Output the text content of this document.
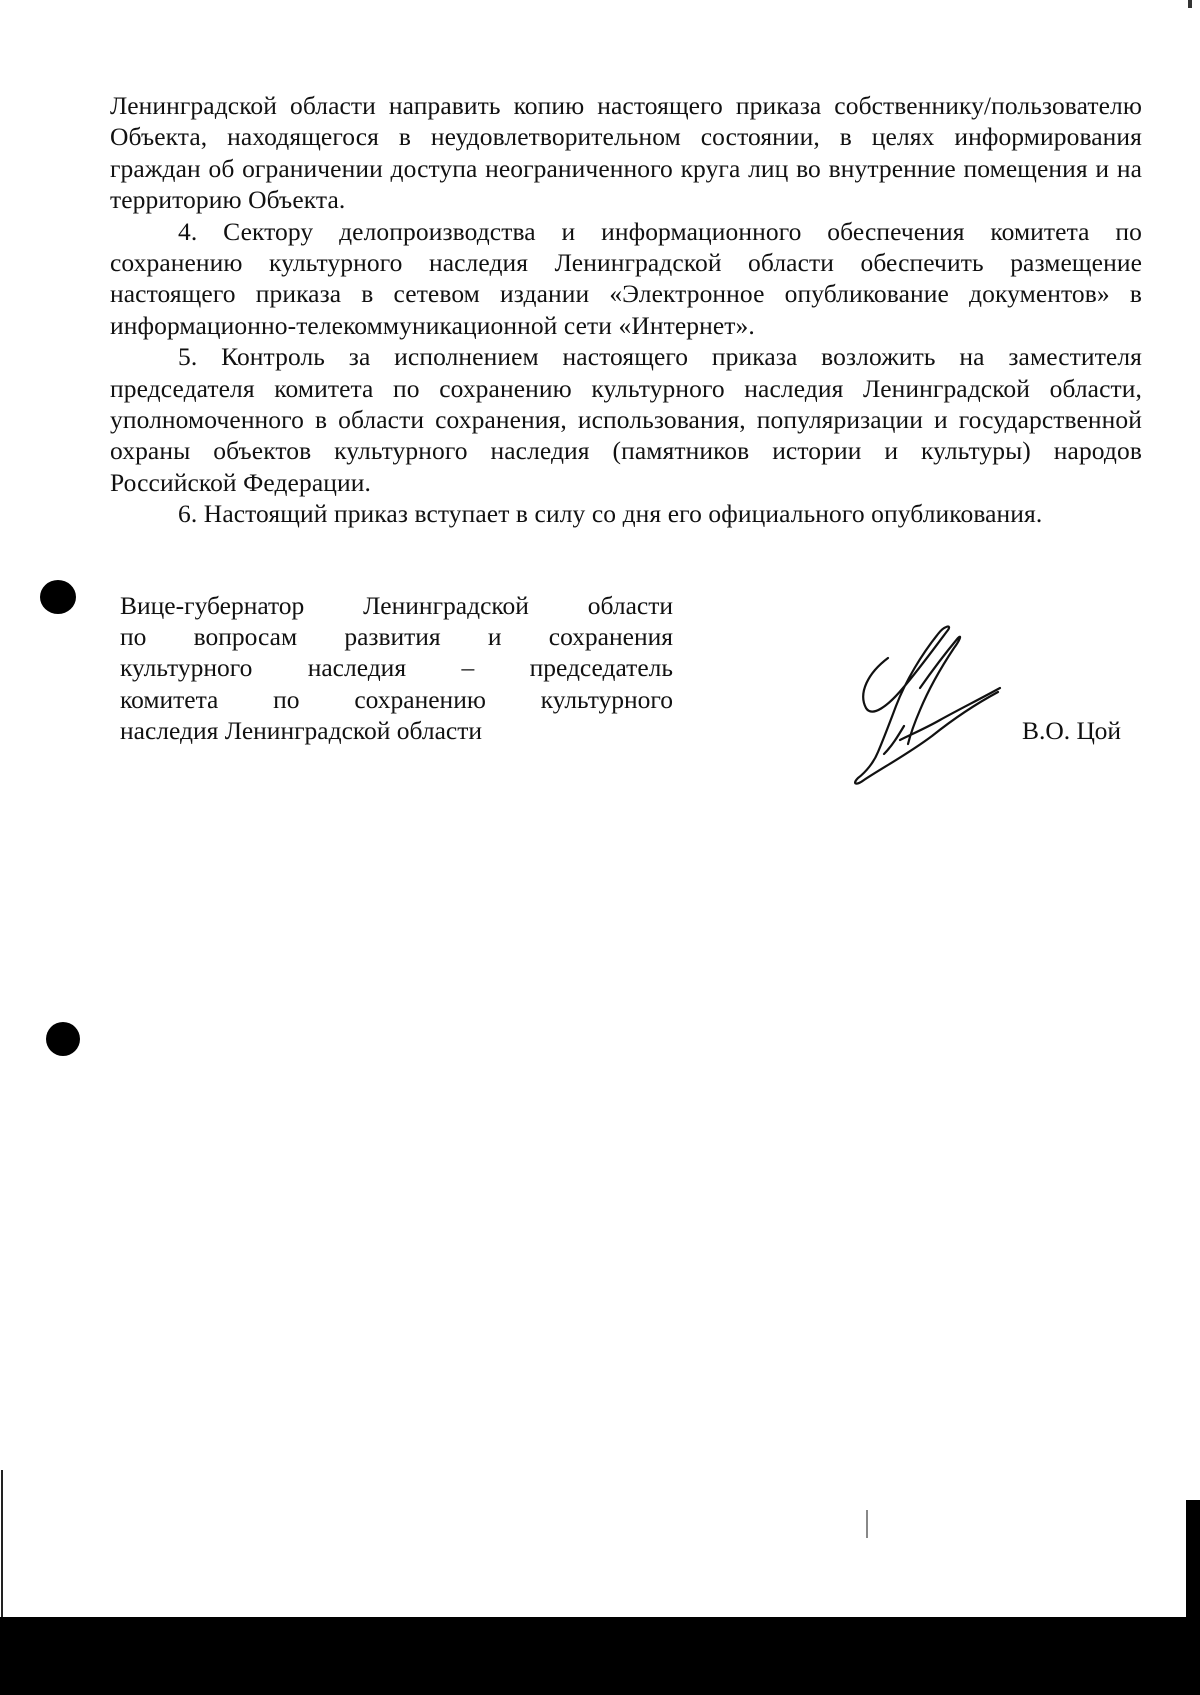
Ленинградской области направить копию настоящего приказа собственнику/пользователю Объекта, находящегося в неудовлетворительном состоянии, в целях информирования граждан об ограничении доступа неограниченного круга лиц во внутренние помещения и на территорию Объекта.

4. Сектору делопроизводства и информационного обеспечения комитета по сохранению культурного наследия Ленинградской области обеспечить размещение настоящего приказа в сетевом издании «Электронное опубликование документов» в информационно-телекоммуникационной сети «Интернет».

5. Контроль за исполнением настоящего приказа возложить на заместителя председателя комитета по сохранению культурного наследия Ленинградской области, уполномоченного в области сохранения, использования, популяризации и государственной охраны объектов культурного наследия (памятников истории и культуры) народов Российской Федерации.

6. Настоящий приказ вступает в силу со дня его официального опубликования.

Вице-губернатор Ленинградской области
по вопросам развития и сохранения
культурного наследия – председатель
комитета по сохранению культурного
наследия Ленинградской области	В.О. Цой
